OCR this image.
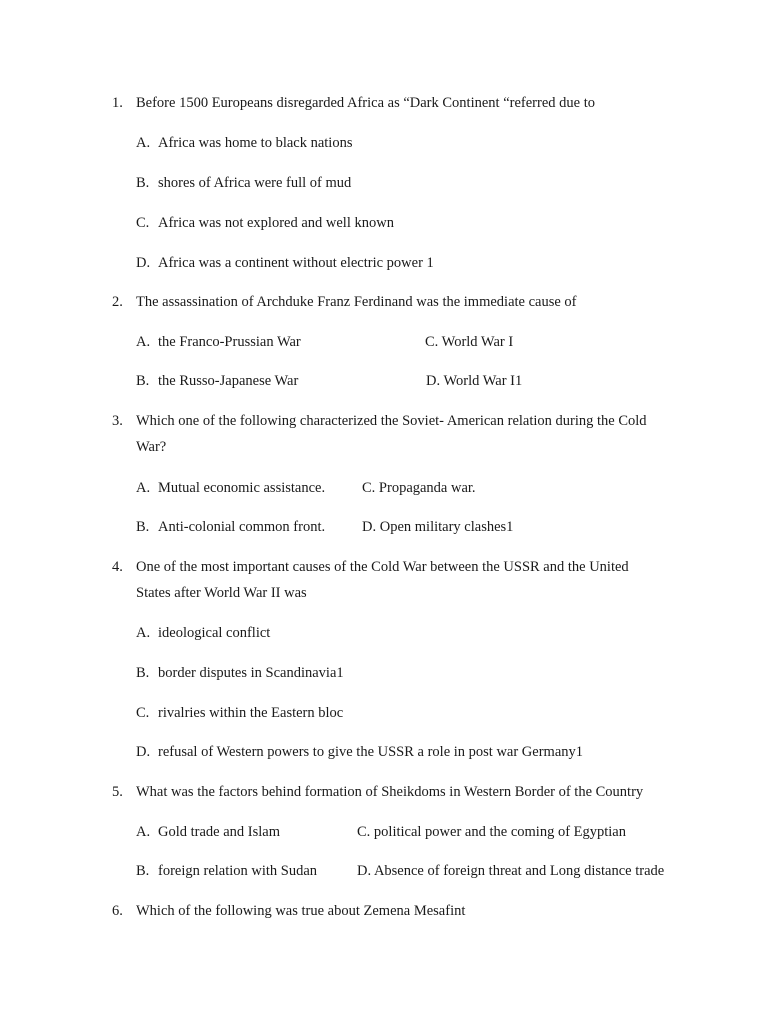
1. Before 1500 Europeans disregarded Africa as “Dark Continent “referred due to
A. Africa was home to black nations
B. shores of Africa were full of mud
C. Africa was not explored and well known
D. Africa was a continent without electric power 1
2. The assassination of Archduke Franz Ferdinand was the immediate cause of
A. the Franco-Prussian War	C. World War I
B. the Russo-Japanese War	D. World War I1
3. Which one of the following characterized the Soviet- American relation during the Cold
War?
A. Mutual economic assistance.	C. Propaganda war.
B. Anti-colonial common front.	D. Open military clashes1
4. One of the most important causes of the Cold War between the USSR and the United
States after World War II was
A. ideological conflict
B. border disputes in Scandinavia1
C. rivalries within the Eastern bloc
D. refusal of Western powers to give the USSR a role in post war Germany1
5. What was the factors behind formation of Sheikdoms in Western Border of the Country
A. Gold trade and Islam	C. political power and the coming of Egyptian
B. foreign relation with Sudan	D. Absence of foreign threat and Long distance trade
6. Which of the following was true about Zemena Mesafint
